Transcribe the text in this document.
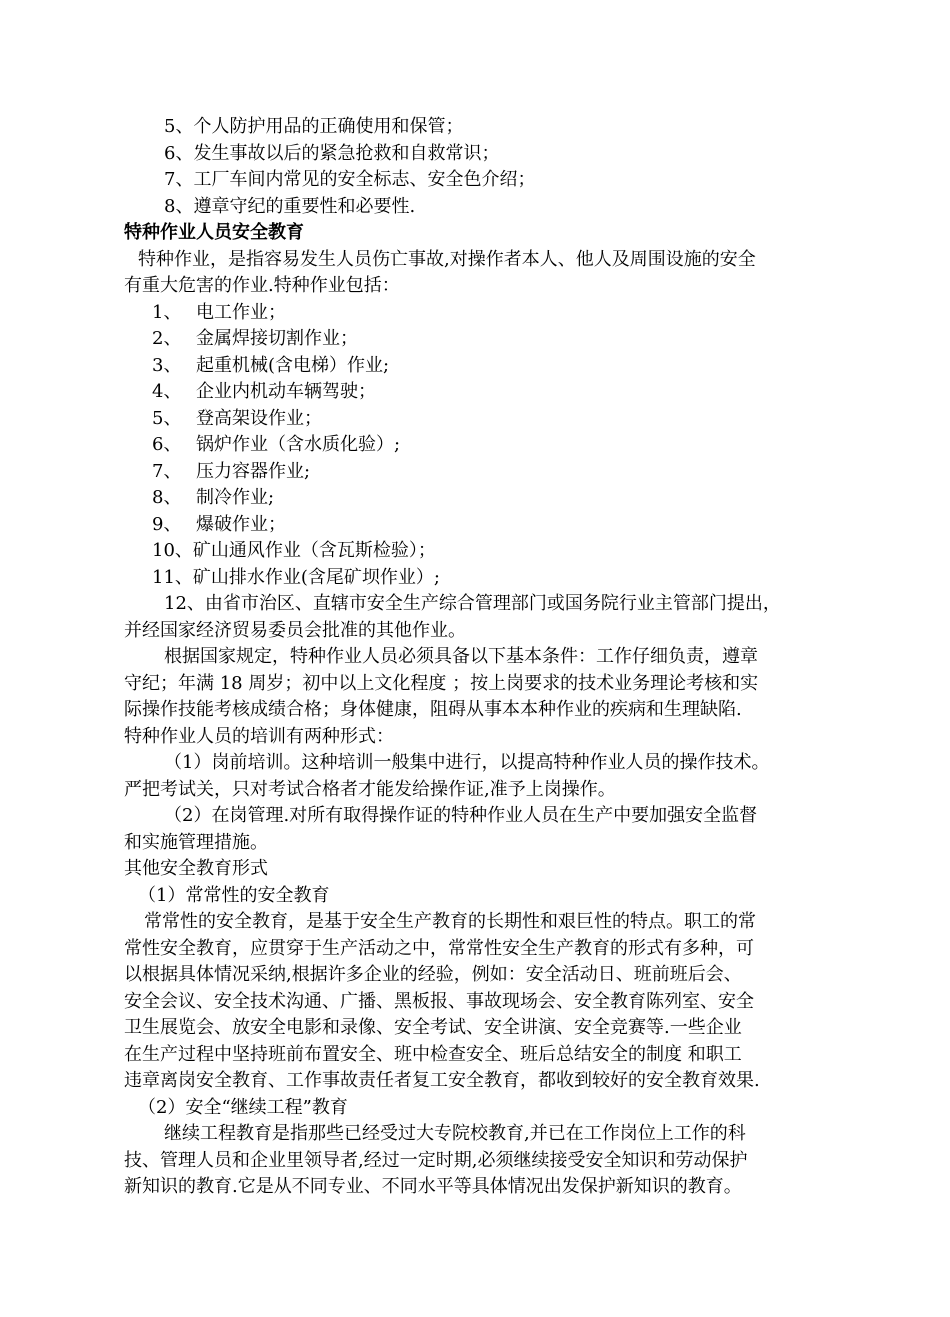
5、个人防护用品的正确使用和保管；
6、发生事故以后的紧急抢救和自救常识；
7、工厂车间内常见的安全标志、安全色介绍；
8、遵章守纪的重要性和必要性.
特种作业人员安全教育
特种作业，是指容易发生人员伤亡事故,对操作者本人、他人及周围设施的安全
有重大危害的作业.特种作业包括：
1、 电工作业；
2、 金属焊接切割作业；
3、 起重机械(含电梯）作业;
4、 企业内机动车辆驾驶；
5、 登高架设作业；
6、 锅炉作业（含水质化验）;
7、 压力容器作业;
8、 制冷作业;
9、 爆破作业；
10、矿山通风作业（含瓦斯检验）；
11、矿山排水作业(含尾矿坝作业）;
12、由省市治区、直辖市安全生产综合管理部门或国务院行业主管部门提出，
并经国家经济贸易委员会批准的其他作业。
根据国家规定，特种作业人员必须具备以下基本条件：工作仔细负责，遵章
守纪；年满 18 周岁；初中以上文化程度 ；按上岗要求的技术业务理论考核和实
际操作技能考核成绩合格；身体健康，阻碍从事本本种作业的疾病和生理缺陷.
特种作业人员的培训有两种形式：
（1）岗前培训。这种培训一般集中进行，以提高特种作业人员的操作技术。
严把考试关，只对考试合格者才能发给操作证,准予上岗操作。
（2）在岗管理.对所有取得操作证的特种作业人员在生产中要加强安全监督
和实施管理措施。
其他安全教育形式
（1）常常性的安全教育
常常性的安全教育，是基于安全生产教育的长期性和艰巨性的特点。职工的常
常性安全教育，应贯穿于生产活动之中，常常性安全生产教育的形式有多种，可
以根据具体情况采纳,根据许多企业的经验，例如：安全活动日、班前班后会、
安全会议、安全技术沟通、广播、黑板报、事故现场会、安全教育陈列室、安全
卫生展览会、放安全电影和录像、安全考试、安全讲演、安全竞赛等.一些企业
在生产过程中坚持班前布置安全、班中检查安全、班后总结安全的制度 和职工
违章离岗安全教育、工作事故责任者复工安全教育，都收到较好的安全教育效果.
（2）安全“继续工程”教育
继续工程教育是指那些已经受过大专院校教育,并已在工作岗位上工作的科
技、管理人员和企业里领导者,经过一定时期,必须继续接受安全知识和劳动保护
新知识的教育.它是从不同专业、不同水平等具体情况出发保护新知识的教育。
